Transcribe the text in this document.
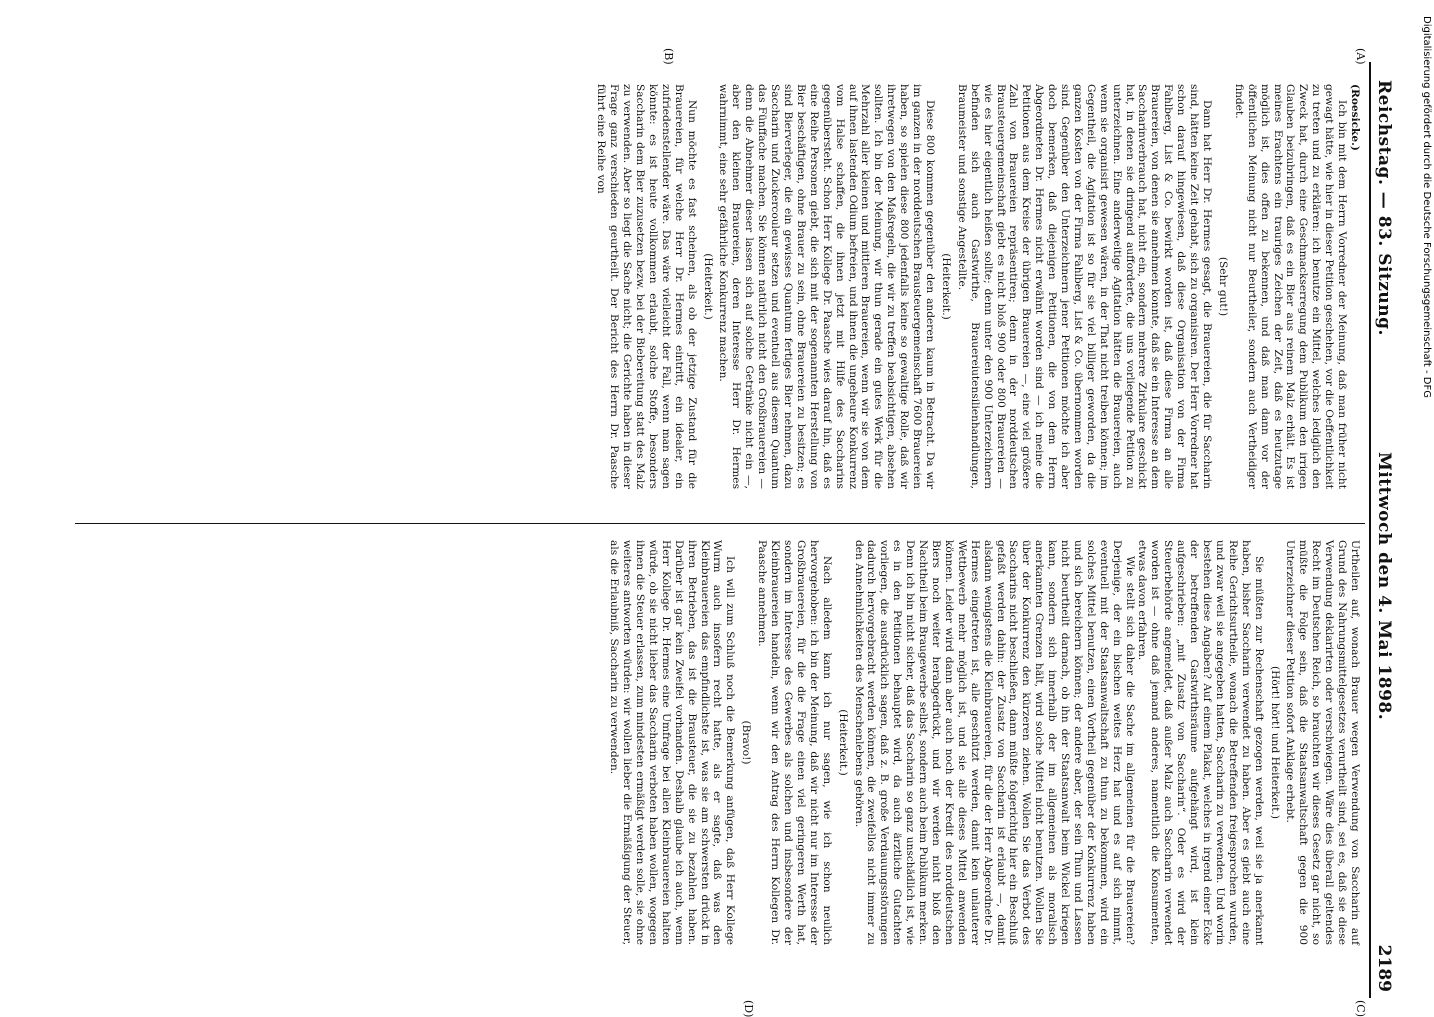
Reichstag. — 83. Sitzung.
Mittwoch den 4. Mai 1898.
2189
(A)
(B)
(C)
(D)

(Roesicke.)

Ich bin mit dem Herrn Vorredner der Meinung, daß man früher nicht gewagt hätte, wie hier in dieser Petition geschehen, vor die Oeffentlichkeit zu treten und zu erklären: ich benutze ein Mittel, welches lediglich den Zweck hat, durch eine Geschmackserregung dem Publikum den irrigen Glauben beizubringen, daß es ein Bier aus reinem Malz erhält. Es ist meines Erachtens ein trauriges Zeichen der Zeit, daß es heutzutage möglich ist, dies offen zu bekennen, und daß man dann vor der öffentlichen Meinung nicht nur Beurtheiler, sondern auch Vertheidiger findet.

(Sehr gut!)

Dann hat Herr Dr. Hermes gesagt, die Brauereien, die für Saccharin sind, hätten keine Zeit gehabt, sich zu organisiren. Der Herr Vorredner hat schon darauf hingewiesen, daß diese Organisation von der Firma Fahlberg, List & Co. bewirkt worden ist, daß diese Firma an alle Brauereien, von denen sie annehmen konnte, daß sie ein Interesse an dem Saccharinverbrauch hat, nicht ein, sondern mehrere Zirkulare geschickt hat, in denen sie dringend aufforderte, die uns vorliegende Petition zu unterzeichnen. Eine anderweitige Agitation hätten die Brauereien, auch wenn sie organisirt gewesen wären, in der That nicht treiben können; im Gegentheil, die Agitation ist so für sie viel billiger geworden, da die ganzen Kosten von der Firma Fahlberg, List & Co. übernommen worden sind. Gegenüber den Unterzeichnern jener Petitionen möchte ich aber doch bemerken, daß diejenigen Petitionen, die von dem Herrn Abgeordneten Dr. Hermes nicht erwähnt worden sind — ich meine die Petitionen aus dem Kreise der übrigen Brauereien —, eine viel größere Zahl von Brauereien repräsentiren; denn in der norddeutschen Brausteuergemeinschaft giebt es nicht bloß 900 oder 800 Brauereien — wie es hier eigentlich heißen sollte; denn unter den 900 Unterzeichnern befinden sich auch Gastwirthe, Brauereiutensilienhandlungen, Braumeister und sonstige Angestellte.

(Heiterkeit.)

Diese 800 kommen gegenüber den anderen kaum in Betracht. Da wir im ganzen in der norddeutschen Brausteuergemeinschaft 7600 Brauereien haben, so spielen diese 800 jedenfalls keine so gewaltige Rolle, daß wir ihretwegen von den Maßregeln, die wir zu treffen beabsichtigen, absehen sollten. Ich bin der Meinung, wir thun gerade ein gutes Werk für die Mehrzahl aller kleinen und mittleren Brauereien, wenn wir sie von dem auf ihnen lastenden Odium befreien, und ihnen die ungeheure Konkurrenz vom Halse schaffen, die ihnen jetzt mit Hilfe des Saccharins gegenübersteht. Schon Herr Kollege Dr. Paasche wies darauf hin, daß es eine Reihe Personen giebt, die sich mit der sogenannten Herstellung von Bier beschäftigen, ohne Brauer zu sein, ohne Brauereien zu besitzen; es sind Bierverleger, die ein gewisses Quantum fertiges Bier nehmen, dazu Saccharin und Zuckercouleur setzen und eventuell aus diesem Quantum das Fünffache machen. Sie können natürlich nicht den Großbrauereien — denn die Abnehmer dieser lassen sich auf solche Getränke nicht ein —, aber den kleinen Brauereien, deren Interesse Herr Dr. Hermes wahrnimmt, eine sehr gefährliche Konkurrenz machen.

(Heiterkeit.)

Nun möchte es fast scheinen, als ob der jetzige Zustand für die Brauereien, für welche Herr Dr. Hermes eintritt, ein idealer, ein zufriedenstellender wäre. Das wäre vielleicht der Fall, wenn man sagen könnte: es ist heute vollkommen erlaubt, solche Stoffe, besonders Saccharin dem Bier zuzusetzen bezw. bei der Biebereitung statt des Malz zu verwenden. Aber so liegt die Sache nicht; die Gerichte haben in dieser Frage ganz verschieden geurtheilt. Der Bericht des Herrn Dr. Paasche führt eine Reihe von

Urtheilen auf, wonach Brauer wegen Verwendung von Saccharin auf Grund des Nahrungsmittelgesetzes verurtheilt sind, sei es, daß sie diese Verwendung deklarirten oder verschwiegen. Wäre dies überall geltendes Recht im Deutschen Reich, so brauchten wir dieses Gesetz gar nicht, so müßte die Folge sein, daß die Staatsanwaltschaft gegen die 900 Unterzeichner dieser Petition sofort Anklage erhebt.

(Hört! hört! und Heiterkeit.)

Sie müßten zur Rechenschaft gezogen werden, weil sie ja anerkannt haben, bisher Saccharin verwendet zu haben. Aber es giebt auch eine Reihe Gerichtsurtheile, wonach die Betreffenden freigesprochen wurden, und zwar weil sie angegeben hatten, Saccharin zu verwenden. Und worin bestehen diese Angaben? Auf einem Plakat, welches in irgend einer Ecke der betreffenden Gastwirthsräume aufgehängt wird, ist klein aufgeschrieben: „mit Zusatz von Saccharin“. Oder es wird der Steuerbehörde angemeldet, daß außer Malz auch Saccharin verwendet worden ist — ohne daß jemand anderes, namentlich die Konsumenten, etwas davon erfahren.

Wie stellt sich daher die Sache im allgemeinen für die Brauereien? Derjenige, der ein bischen weites Herz hat und es auf sich nimmt, eventuell mit der Staatsanwaltschaft zu thun zu bekommen, wird ein solches Mittel benutzen, einen Vortheil gegenüber der Konkurrenz haben und sich bereichern können; der andere aber, der sein Thun und Lassen nicht beurtheilt darnach, ob ihn der Staatsanwalt beim Wickel kriegen kann, sondern sich innerhalb der im allgemeinen als moralisch anerkannten Grenzen hält, wird solche Mittel nicht benutzen. Wollen Sie über der Konkurrenz den kürzeren ziehen. Wollen Sie das Verbot des Saccharins nicht beschließen, dann müßte folgerichtig hier ein Beschluß gefaßt werden dahin: der Zusatz von Saccharin ist erlaubt —, damit alsdann wenigstens die Kleinbrauereien, für die der Herr Abgeordnete Dr. Hermes eingetreten ist, alle geschützt werden, damit kein unlauterer Wettbewerb mehr möglich ist, und sie alle dieses Mittel anwenden können. Leider wird dann aber auch noch der Kredit des norddeutschen Biers noch weiter herabgedrückt, und wir werden nicht bloß den Nachtheil beim Braugewerbe selbst, sondern auch beim Publikum merken. Denn ich bin nicht sicher, daß das Saccharin so ganz unschädlich ist, wie es in den Petitionen behauptet wird, da auch ärztliche Gutachten vorliegen, die ausdrücklich sagen, daß z. B. große Verdauungsstörungen dadurch hervorgebracht werden können, die zweifellos nicht immer zu den Annehmlichkeiten des Menschenlebens gehören.

(Heiterkeit.)

Nach alledem kann ich nur sagen, wie ich schon neulich hervorgehoben: ich bin der Meinung, daß wir nicht nur im Interesse der Großbrauereien, für die die Frage einen viel geringeren Werth hat, sondern im Interesse des Gewerbes als solchen und insbesondere der Kleinbrauereien handeln, wenn wir den Antrag des Herrn Kollegen Dr. Paasche annehmen.

(Bravo!)

Ich will zum Schluß noch die Bemerkung anfügen, daß Herr Kollege Wurm auch insofern recht hatte, als er sagte, daß was den Kleinbrauereien das empfindlichste ist, was sie am schwersten drückt in ihren Betrieben, das ist die Brausteuer, die sie zu bezahlen haben. Darüber ist gar kein Zweifel vorhanden. Deshalb glaube ich auch, wenn Herr Kollege Dr. Hermes eine Umfrage bei allen Kleinbrauereien halten würde, ob sie nicht lieber das Saccharin verboten haben wollen, wogegen ihnen die Steuer erlassen, zum mindesten ermäßigt werden solle, sie ohne weiteres antworten würden: wir wollen lieber die Ermäßigung der Steuer, als die Erlaubniß, Saccharin zu verwenden.

Digitalisierung gefördert durch die Deutsche Forschungsgemeinschaft - DFG
